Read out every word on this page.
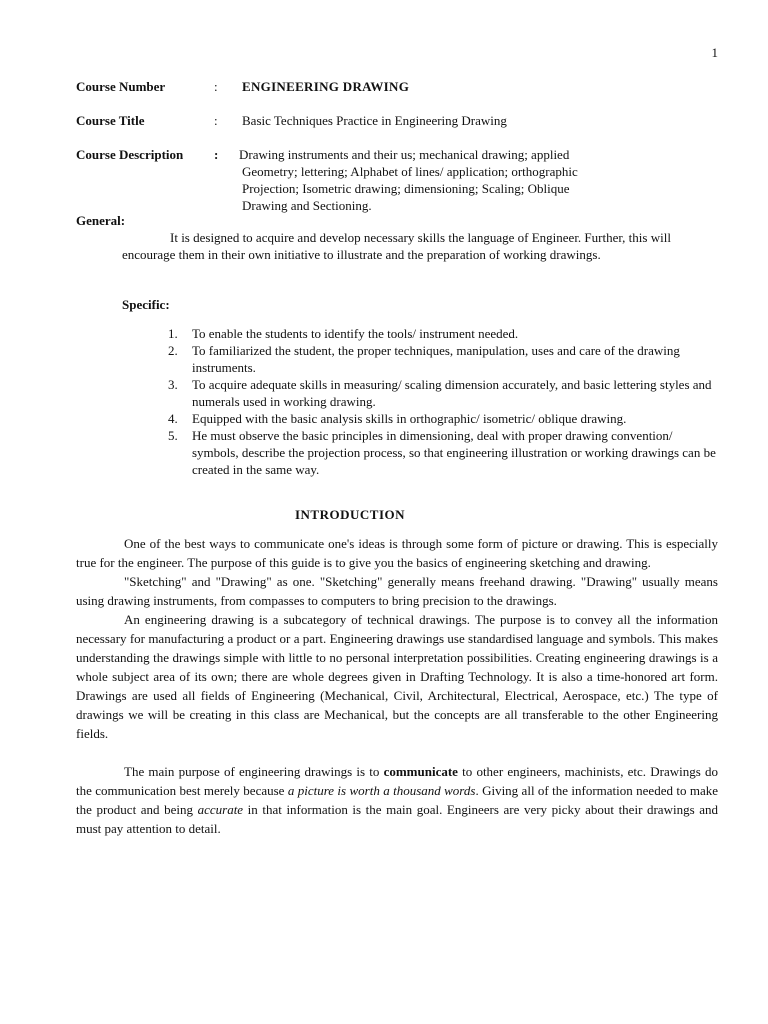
1
Course Number	: ENGINEERING DRAWING
Course Title	: Basic Techniques Practice in Engineering Drawing
Course Description : Drawing instruments and their us; mechanical drawing; applied
Geometry; lettering; Alphabet of lines/ application; orthographic
Projection; Isometric drawing; dimensioning; Scaling; Oblique
Drawing and Sectioning.
General:
It is designed to acquire and develop necessary skills the language of Engineer. Further, this will encourage them in their own initiative to illustrate and the preparation of working drawings.
Specific:
1. To enable the students to identify the tools/ instrument needed.
2. To familiarized the student, the proper techniques, manipulation, uses and care of the drawing instruments.
3. To acquire adequate skills in measuring/ scaling dimension accurately, and basic lettering styles and numerals used in working drawing.
4. Equipped with the basic analysis skills in orthographic/ isometric/ oblique drawing.
5. He must observe the basic principles in dimensioning, deal with proper drawing convention/ symbols, describe the projection process, so that engineering illustration or working drawings can be created in the same way.
INTRODUCTION
One of the best ways to communicate one's ideas is through some form of picture or drawing. This is especially true for the engineer. The purpose of this guide is to give you the basics of engineering sketching and drawing.
"Sketching" and "Drawing" as one. "Sketching" generally means freehand drawing. "Drawing" usually means using drawing instruments, from compasses to computers to bring precision to the drawings.
An engineering drawing is a subcategory of technical drawings. The purpose is to convey all the information necessary for manufacturing a product or a part. Engineering drawings use standardised language and symbols. This makes understanding the drawings simple with little to no personal interpretation possibilities. Creating engineering drawings is a whole subject area of its own; there are whole degrees given in Drafting Technology. It is also a time-honored art form. Drawings are used all fields of Engineering (Mechanical, Civil, Architectural, Electrical, Aerospace, etc.) The type of drawings we will be creating in this class are Mechanical, but the concepts are all transferable to the other Engineering fields.
The main purpose of engineering drawings is to communicate to other engineers, machinists, etc. Drawings do the communication best merely because a picture is worth a thousand words. Giving all of the information needed to make the product and being accurate in that information is the main goal. Engineers are very picky about their drawings and must pay attention to detail.
